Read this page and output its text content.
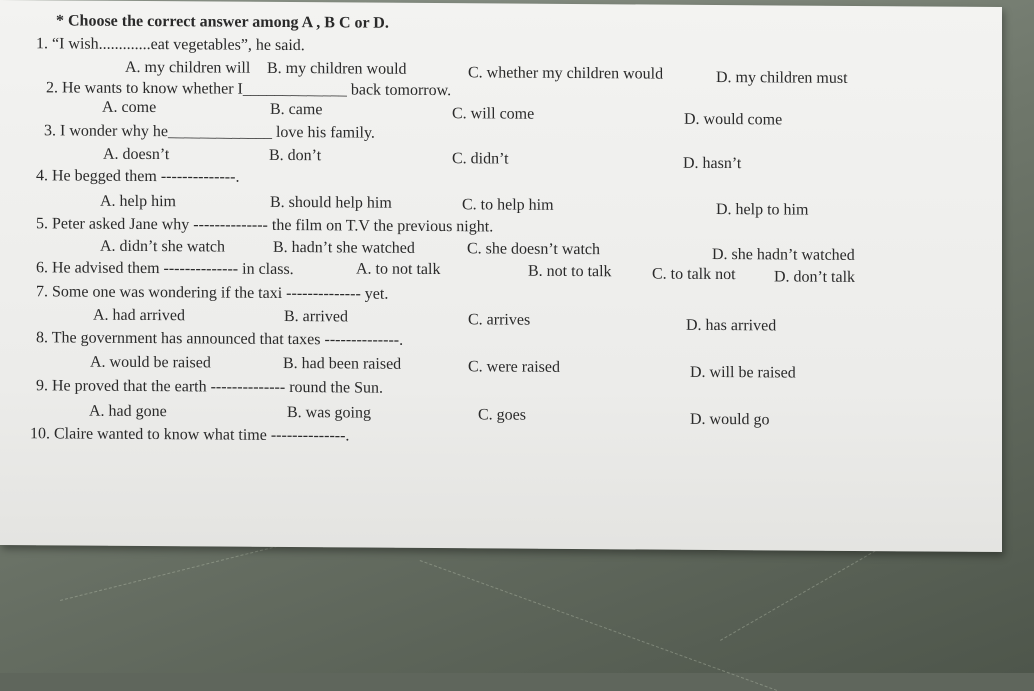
* Choose the correct answer among A , B C or D.
1. “I wish.............eat vegetables”, he said.
A. my children will B. my children would	C. whether my children would	D. my children must
2. He wants to know whether I_____________ back tomorrow.
A. come	B. came	C. will come	D. would come
3. I wonder why he_____________ love his family.
A. doesn’t	B. don’t	C. didn’t	D. hasn’t
4. He begged them --------------.
A. help him	B. should help him	C. to help him	D. help to him
5. Peter asked Jane why -------------- the film on T.V the previous night.
A. didn’t she watch	B. hadn’t she watched	C. she doesn’t watch	D. she hadn’t watched
6. He advised them -------------- in class.	A. to not talk	B. not to talk	C. to talk not D. don’t talk
7. Some one was wondering if the taxi -------------- yet.
A. had arrived	B. arrived	C. arrives	D. has arrived
8. The government has announced that taxes --------------.
A. would be raised	B. had been raised	C. were raised	D. will be raised
9. He proved that the earth -------------- round the Sun.
A. had gone	B. was going	C. goes	D. would go
10. Claire wanted to know what time --------------.
